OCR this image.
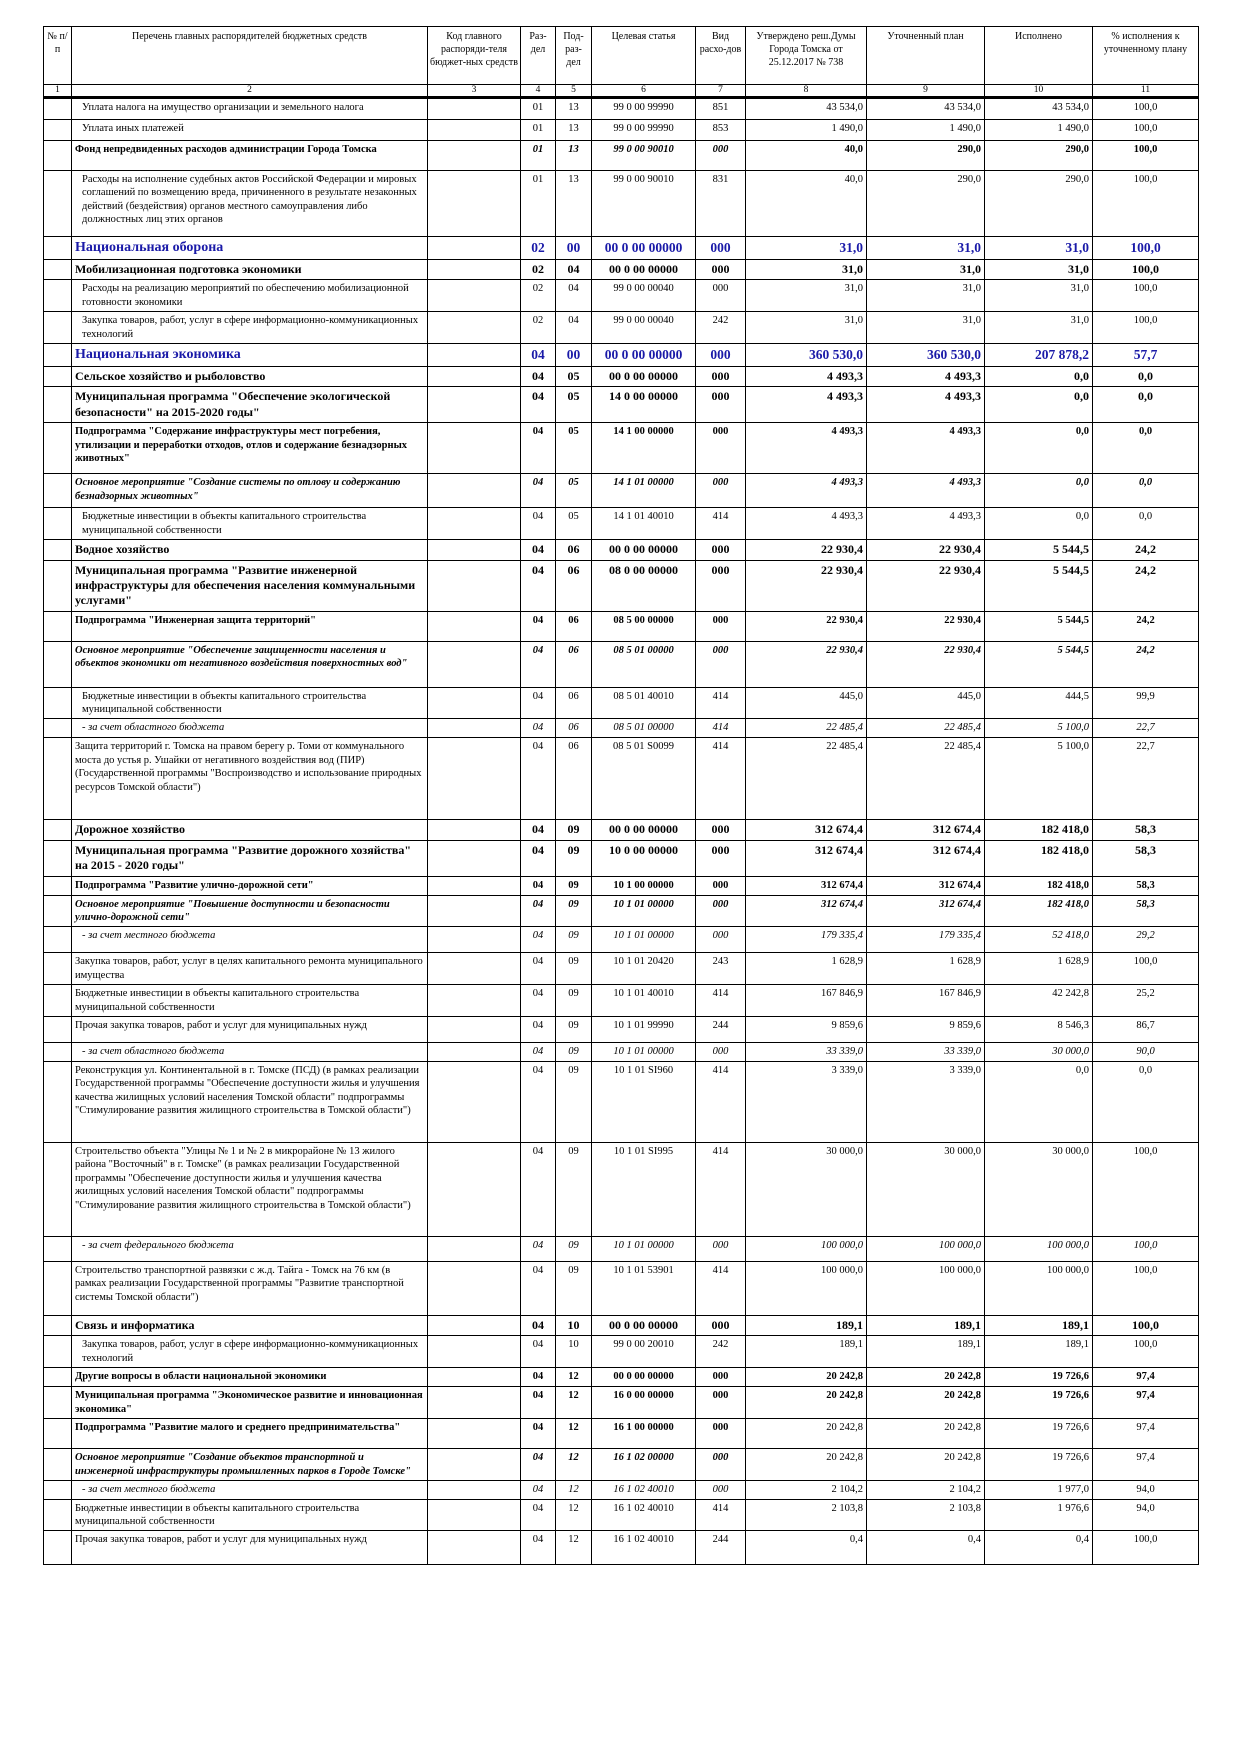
№ п/п	Перечень главных распорядителей бюджетных средств	Код главного распоряди-теля бюджет-ных средств	Раз-дел	Под-раз-дел	Целевая статья	Вид расхо-дов	Утверждено реш.Думы Города Томска от 25.12.2017 № 738	Уточненный план	Исполнено	% исполнения к уточненному плану
1	2	3	4	5	6	7	8	9	10	11
	Уплата налога на имущество организации и земельного налога		01	13	99 0 00 99990	851	43 534,0	43 534,0	43 534,0	100,0
	Уплата иных платежей		01	13	99 0 00 99990	853	1 490,0	1 490,0	1 490,0	100,0
	Фонд непредвиденных расходов администрации Города Томска		01	13	99 0 00 90010	000	40,0	290,0	290,0	100,0
	Расходы на исполнение судебных актов Российской Федерации и мировых соглашений по возмещению вреда, причиненного в результате незаконных действий (бездействия) органов местного самоуправления либо должностных лиц этих органов		01	13	99 0 00 90010	831	40,0	290,0	290,0	100,0
	Национальная оборона		02	00	00 0 00 00000	000	31,0	31,0	31,0	100,0
	Мобилизационная подготовка экономики		02	04	00 0 00 00000	000	31,0	31,0	31,0	100,0
	Расходы на реализацию мероприятий по обеспечению мобилизационной готовности экономики		02	04	99 0 00 00040	000	31,0	31,0	31,0	100,0
	Закупка товаров, работ, услуг в сфере информационно-коммуникационных технологий		02	04	99 0 00 00040	242	31,0	31,0	31,0	100,0
	Национальная экономика		04	00	00 0 00 00000	000	360 530,0	360 530,0	207 878,2	57,7
	Сельское хозяйство и рыболовство		04	05	00 0 00 00000	000	4 493,3	4 493,3	0,0	0,0
	Муниципальная программа "Обеспечение экологической безопасности" на 2015-2020 годы"		04	05	14 0 00 00000	000	4 493,3	4 493,3	0,0	0,0
	Подпрограмма "Содержание инфраструктуры мест погребения, утилизации и переработки отходов, отлов и содержание безнадзорных животных"		04	05	14 1 00 00000	000	4 493,3	4 493,3	0,0	0,0
	Основное мероприятие "Создание системы по отлову и содержанию безнадзорных животных"		04	05	14 1 01 00000	000	4 493,3	4 493,3	0,0	0,0
	Бюджетные инвестиции в объекты капитального строительства муниципальной собственности		04	05	14 1 01 40010	414	4 493,3	4 493,3	0,0	0,0
	Водное хозяйство		04	06	00 0 00 00000	000	22 930,4	22 930,4	5 544,5	24,2
	Муниципальная программа "Развитие инженерной инфраструктуры для обеспечения населения коммунальными услугами"		04	06	08 0 00 00000	000	22 930,4	22 930,4	5 544,5	24,2
	Подпрограмма "Инженерная защита территорий"		04	06	08 5 00 00000	000	22 930,4	22 930,4	5 544,5	24,2
	Основное мероприятие "Обеспечение защищенности населения и объектов экономики от негативного воздействия поверхностных вод"		04	06	08 5 01 00000	000	22 930,4	22 930,4	5 544,5	24,2
	Бюджетные инвестиции в объекты капитального строительства муниципальной собственности		04	06	08 5 01 40010	414	445,0	445,0	444,5	99,9
	- за счет областного бюджета		04	06	08 5 01 00000	414	22 485,4	22 485,4	5 100,0	22,7
	Защита территорий г. Томска на правом берегу р. Томи от коммунального моста до устья р. Ушайки от негативного воздействия вод (ПИР) (Государственной программы "Воспроизводство и использование природных ресурсов Томской области")		04	06	08 5 01 S0099	414	22 485,4	22 485,4	5 100,0	22,7
	Дорожное хозяйство		04	09	00 0 00 00000	000	312 674,4	312 674,4	182 418,0	58,3
	Муниципальная программа "Развитие дорожного хозяйства" на 2015 - 2020 годы"		04	09	10 0 00 00000	000	312 674,4	312 674,4	182 418,0	58,3
	Подпрограмма "Развитие улично-дорожной сети"		04	09	10 1 00 00000	000	312 674,4	312 674,4	182 418,0	58,3
	Основное мероприятие "Повышение доступности и безопасности улично-дорожной сети"		04	09	10 1 01 00000	000	312 674,4	312 674,4	182 418,0	58,3
	- за счет местного бюджета		04	09	10 1 01 00000	000	179 335,4	179 335,4	52 418,0	29,2
	Закупка товаров, работ, услуг в целях капитального ремонта муниципального имущества		04	09	10 1 01 20420	243	1 628,9	1 628,9	1 628,9	100,0
	Бюджетные инвестиции в объекты капитального строительства муниципальной собственности		04	09	10 1 01 40010	414	167 846,9	167 846,9	42 242,8	25,2
	Прочая закупка товаров, работ и услуг для муниципальных нужд		04	09	10 1 01 99990	244	9 859,6	9 859,6	8 546,3	86,7
	- за счет областного бюджета		04	09	10 1 01 00000	000	33 339,0	33 339,0	30 000,0	90,0
	Реконструкция ул. Континентальной в г. Томске (ПСД) (в рамках реализации Государственной программы "Обеспечение доступности жилья и улучшения качества жилищных условий населения Томской области" подпрограммы "Стимулирование развития жилищного строительства в Томской области")		04	09	10 1 01 SI960	414	3 339,0	3 339,0	0,0	0,0
	Строительство объекта "Улицы № 1 и № 2 в микрорайоне № 13 жилого района "Восточный" в г. Томске" (в рамках реализации Государственной программы "Обеспечение доступности жилья и улучшения качества жилищных условий населения Томской области" подпрограммы "Стимулирование развития жилищного строительства в Томской области")		04	09	10 1 01 SI995	414	30 000,0	30 000,0	30 000,0	100,0
	- за счет федерального бюджета		04	09	10 1 01 00000	000	100 000,0	100 000,0	100 000,0	100,0
	Строительство транспортной развязки с ж.д. Тайга - Томск на 76 км (в рамках реализации Государственной программы "Развитие транспортной системы Томской области")		04	09	10 1 01 53901	414	100 000,0	100 000,0	100 000,0	100,0
	Связь и информатика		04	10	00 0 00 00000	000	189,1	189,1	189,1	100,0
	Закупка товаров, работ, услуг в сфере информационно-коммуникационных технологий		04	10	99 0 00 20010	242	189,1	189,1	189,1	100,0
	Другие вопросы в области национальной экономики		04	12	00 0 00 00000	000	20 242,8	20 242,8	19 726,6	97,4
	Муниципальная программа "Экономическое развитие и инновационная экономика"		04	12	16 0 00 00000	000	20 242,8	20 242,8	19 726,6	97,4
	Подпрограмма "Развитие малого и среднего предпринимательства"		04	12	16 1 00 00000	000	20 242,8	20 242,8	19 726,6	97,4
	Основное мероприятие "Создание объектов транспортной и инженерной инфраструктуры промышленных парков в Городе Томске"		04	12	16 1 02 00000	000	20 242,8	20 242,8	19 726,6	97,4
	- за счет местного бюджета		04	12	16 1 02 40010	000	2 104,2	2 104,2	1 977,0	94,0
	Бюджетные инвестиции в объекты капитального строительства муниципальной собственности		04	12	16 1 02 40010	414	2 103,8	2 103,8	1 976,6	94,0
	Прочая закупка товаров, работ и услуг для муниципальных нужд		04	12	16 1 02 40010	244	0,4	0,4	0,4	100,0
